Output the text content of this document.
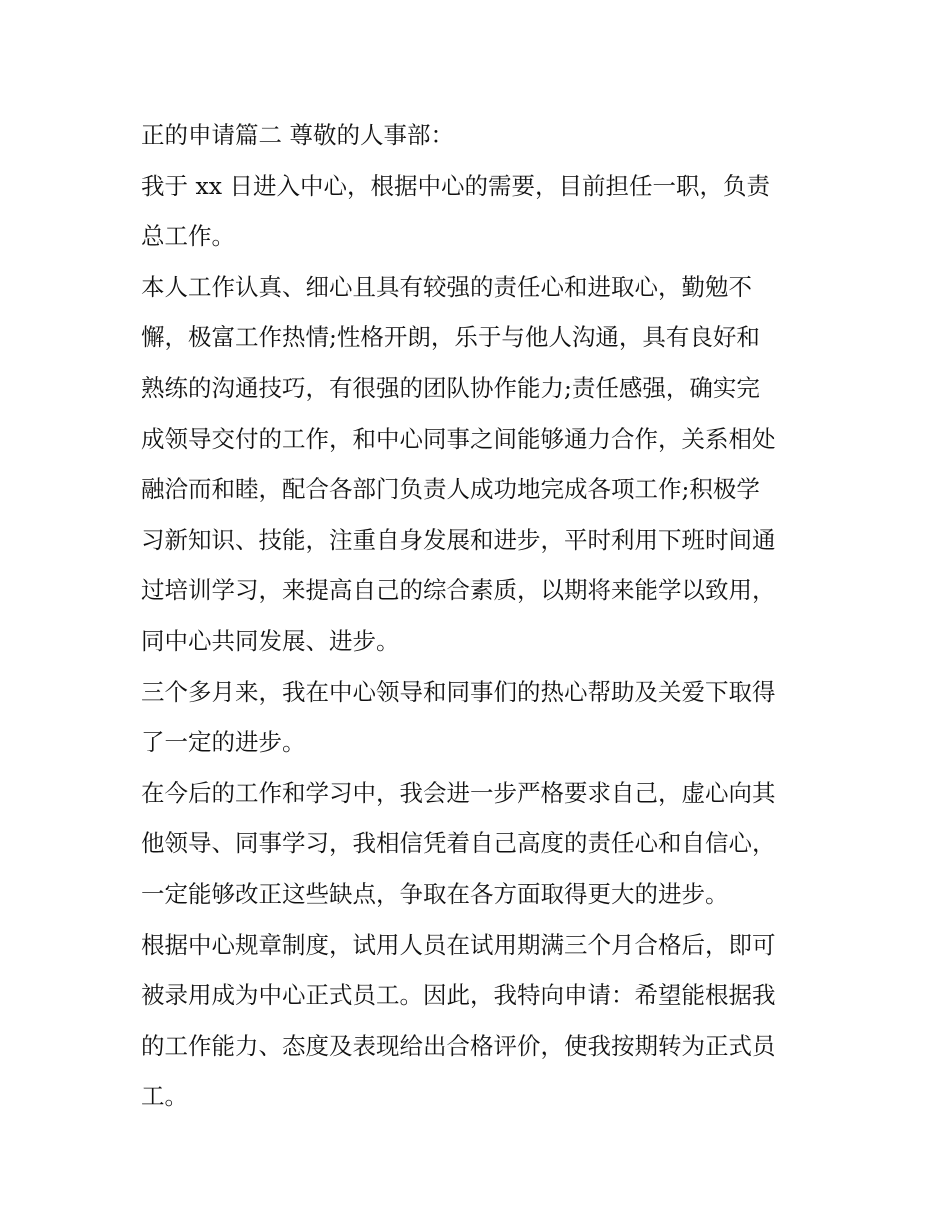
正的申请篇二 尊敬的人事部：

我于 xx 日进入中心，根据中心的需要，目前担任一职，负责
总工作。

本人工作认真、细心且具有较强的责任心和进取心，勤勉不
懈，极富工作热情;性格开朗，乐于与他人沟通，具有良好和
熟练的沟通技巧，有很强的团队协作能力;责任感强，确实完
成领导交付的工作，和中心同事之间能够通力合作，关系相处
融洽而和睦，配合各部门负责人成功地完成各项工作;积极学
习新知识、技能，注重自身发展和进步，平时利用下班时间通
过培训学习，来提高自己的综合素质，以期将来能学以致用，
同中心共同发展、进步。

三个多月来，我在中心领导和同事们的热心帮助及关爱下取得
了一定的进步。

在今后的工作和学习中，我会进一步严格要求自己，虚心向其
他领导、同事学习，我相信凭着自己高度的责任心和自信心，
一定能够改正这些缺点，争取在各方面取得更大的进步。

根据中心规章制度，试用人员在试用期满三个月合格后，即可
被录用成为中心正式员工。因此，我特向申请：希望能根据我
的工作能力、态度及表现给出合格评价，使我按期转为正式员
工。
